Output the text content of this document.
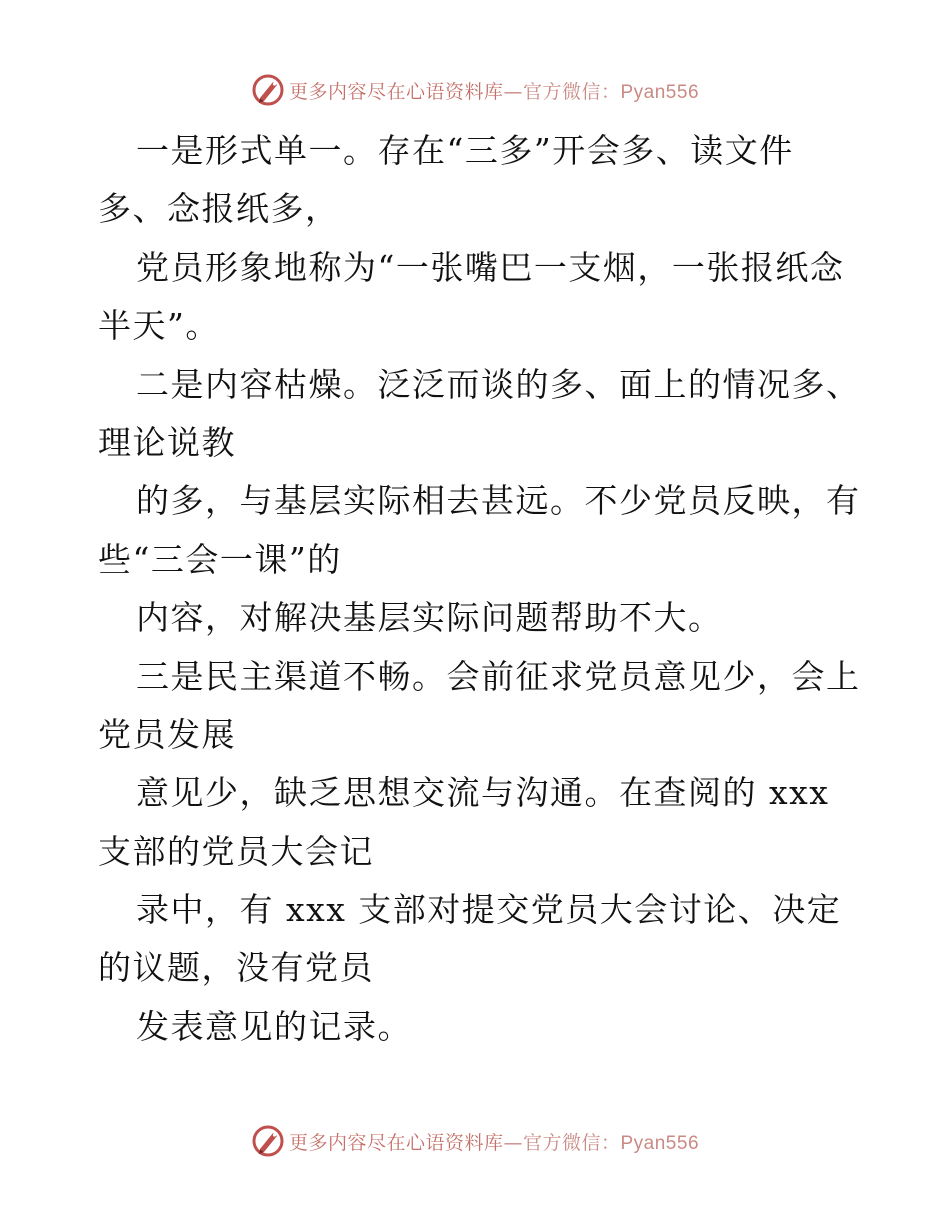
更多内容尽在心语资料库—官方微信：Pyan556
一是形式单一。存在“三多”开会多、读文件
多、念报纸多，
党员形象地称为“一张嘴巴一支烟，一张报纸念
半天”。
二是内容枯燥。泛泛而谈的多、面上的情况多、
理论说教
的多，与基层实际相去甚远。不少党员反映，有
些“三会一课”的
内容，对解决基层实际问题帮助不大。
三是民主渠道不畅。会前征求党员意见少，会上
党员发展
意见少，缺乏思想交流与沟通。在查阅的 xxx
支部的党员大会记
录中，有 xxx 支部对提交党员大会讨论、决定
的议题，没有党员
发表意见的记录。
更多内容尽在心语资料库—官方微信：Pyan556
